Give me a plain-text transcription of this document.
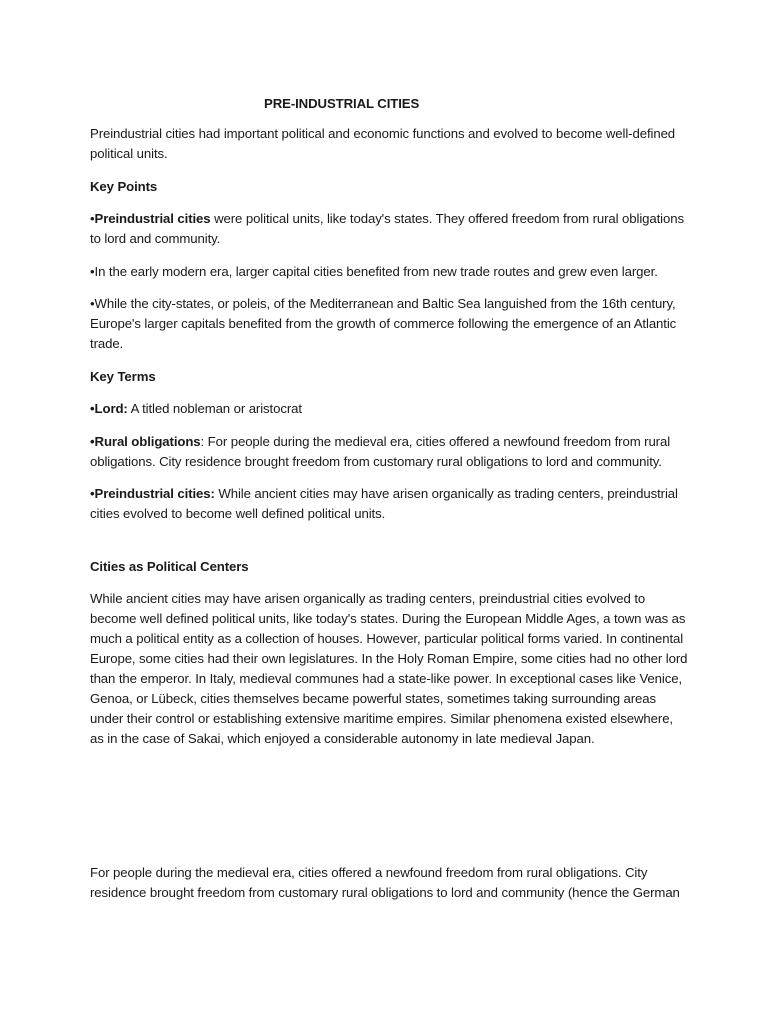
PRE-INDUSTRIAL CITIES

Preindustrial cities had important political and economic functions and evolved to become well-defined political units.

Key Points

•Preindustrial cities were political units, like today's states. They offered freedom from rural obligations to lord and community.

•In the early modern era, larger capital cities benefited from new trade routes and grew even larger.

•While the city-states, or poleis, of the Mediterranean and Baltic Sea languished from the 16th century, Europe's larger capitals benefited from the growth of commerce following the emergence of an Atlantic trade.

Key Terms

•Lord: A titled nobleman or aristocrat

•Rural obligations: For people during the medieval era, cities offered a newfound freedom from rural obligations. City residence brought freedom from customary rural obligations to lord and community.

•Preindustrial cities: While ancient cities may have arisen organically as trading centers, preindustrial cities evolved to become well defined political units.

Cities as Political Centers

While ancient cities may have arisen organically as trading centers, preindustrial cities evolved to become well defined political units, like today's states. During the European Middle Ages, a town was as much a political entity as a collection of houses. However, particular political forms varied. In continental Europe, some cities had their own legislatures. In the Holy Roman Empire, some cities had no other lord than the emperor. In Italy, medieval communes had a state-like power. In exceptional cases like Venice, Genoa, or Lübeck, cities themselves became powerful states, sometimes taking surrounding areas under their control or establishing extensive maritime empires. Similar phenomena existed elsewhere, as in the case of Sakai, which enjoyed a considerable autonomy in late medieval Japan.

For people during the medieval era, cities offered a newfound freedom from rural obligations. City residence brought freedom from customary rural obligations to lord and community (hence the German
